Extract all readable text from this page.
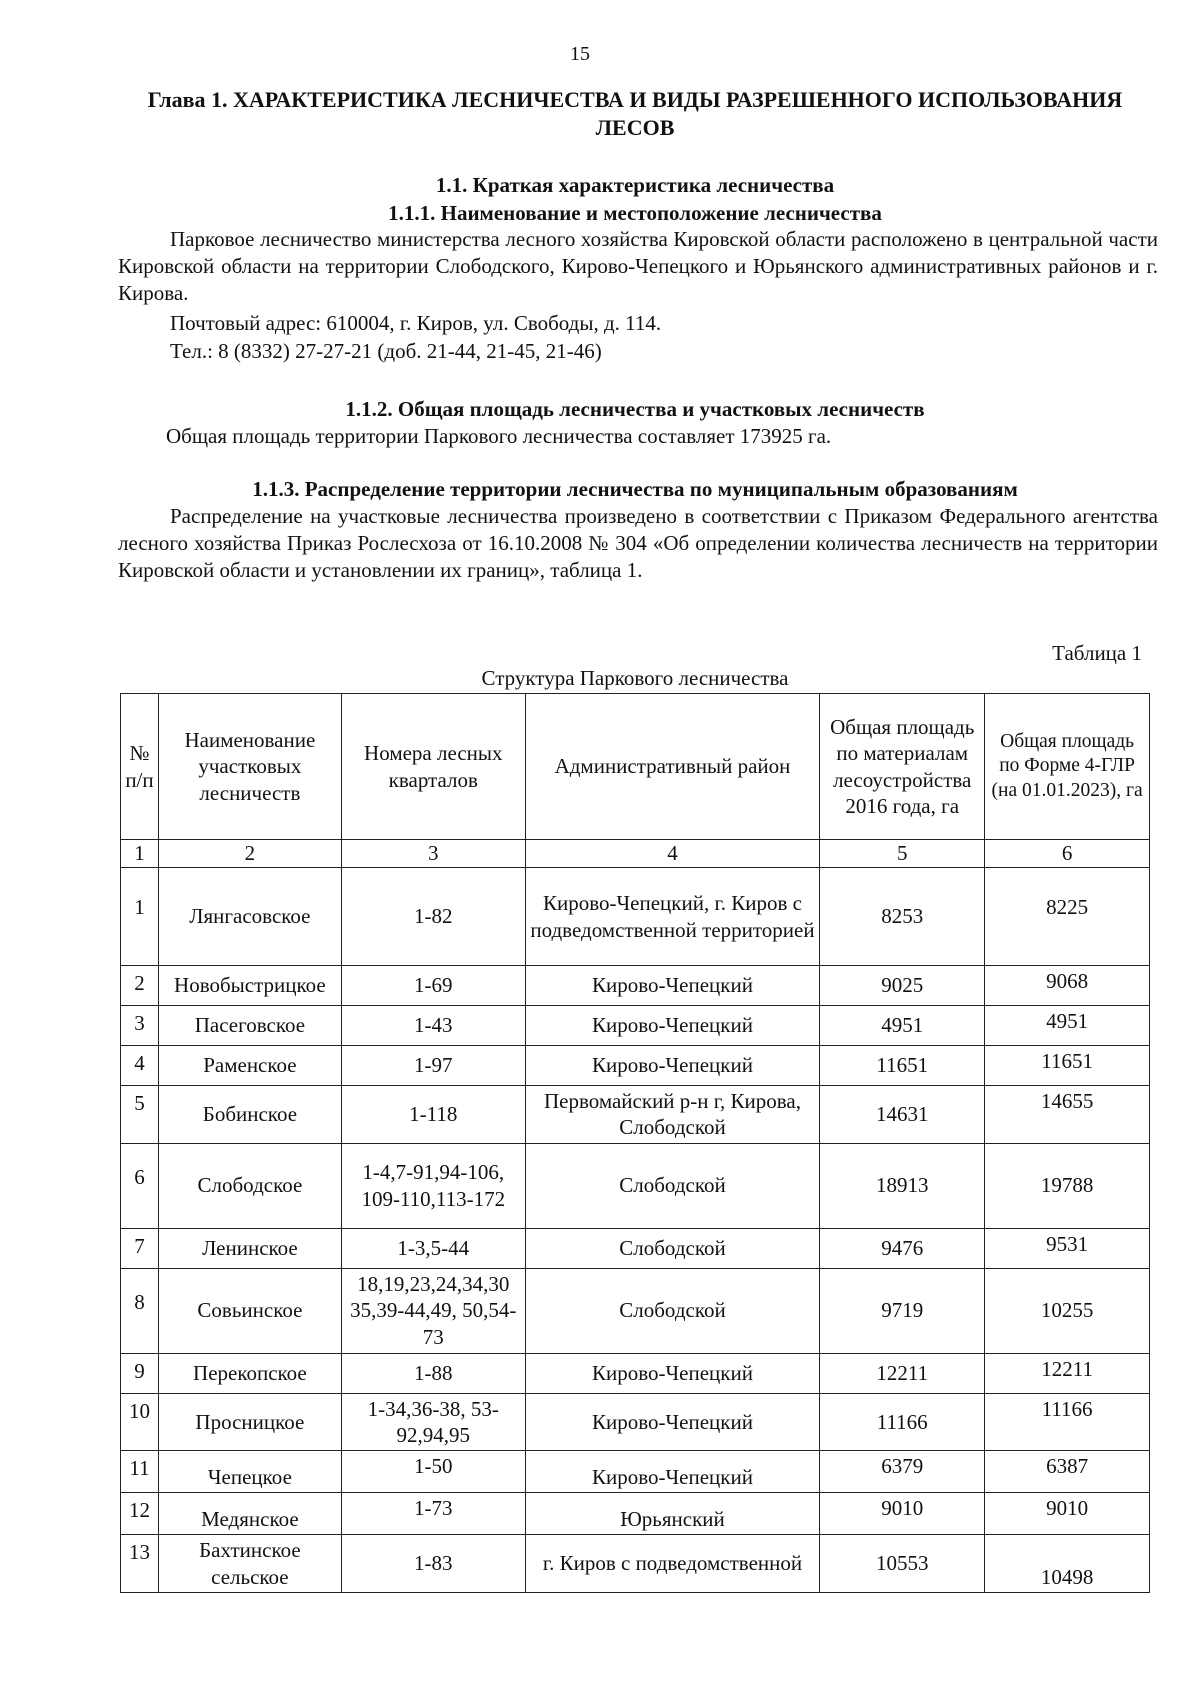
15
Глава 1. ХАРАКТЕРИСТИКА ЛЕСНИЧЕСТВА И ВИДЫ РАЗРЕШЕННОГО ИСПОЛЬЗОВАНИЯ ЛЕСОВ
1.1. Краткая характеристика лесничества
1.1.1. Наименование и местоположение лесничества
Парковое лесничество министерства лесного хозяйства Кировской области расположено в центральной части Кировской области на территории Слободского, Кирово-Чепецкого и Юрьянского административных районов и г. Кирова.
Почтовый адрес: 610004, г. Киров, ул. Свободы, д. 114.
Тел.: 8 (8332) 27-27-21 (доб. 21-44, 21-45, 21-46)
1.1.2. Общая площадь лесничества и участковых лесничеств
Общая площадь территории Паркового лесничества составляет 173925 га.
1.1.3. Распределение территории лесничества по муниципальным образованиям
Распределение на участковые лесничества произведено в соответствии с Приказом Федерального агентства лесного хозяйства Приказ Рослесхоза от 16.10.2008 № 304 «Об определении количества лесничеств на территории Кировской области и установлении их границ», таблица 1.
Таблица 1
Структура Паркового лесничества
№ п/п	Наименование участковых лесничеств	Номера лесных кварталов	Административный район	Общая площадь по материалам лесоустройства 2016 года, га	Общая площадь по Форме 4-ГЛР (на 01.01.2023), га
1	2	3	4	5	6
1	Лянгасовское	1-82	Кирово-Чепецкий, г. Киров с подведомственной территорией	8253	8225
2	Новобыстрицкое	1-69	Кирово-Чепецкий	9025	9068
3	Пасеговское	1-43	Кирово-Чепецкий	4951	4951
4	Раменское	1-97	Кирово-Чепецкий	11651	11651
5	Бобинское	1-118	Первомайский р-н г, Кирова, Слободской	14631	14655
6	Слободское	1-4,7-91,94-106, 109-110,113-172	Слободской	18913	19788
7	Ленинское	1-3,5-44	Слободской	9476	9531
8	Совьинское	18,19,23,24,34,30 35,39-44,49, 50,54-73	Слободской	9719	10255
9	Перекопское	1-88	Кирово-Чепецкий	12211	12211
10	Просницкое	1-34,36-38, 53-92,94,95	Кирово-Чепецкий	11166	11166
11	Чепецкое	1-50	Кирово-Чепецкий	6379	6387
12	Медянское	1-73	Юрьянский	9010	9010
13	Бахтинское сельское	1-83	г. Киров с подведомственной	10553	10498
